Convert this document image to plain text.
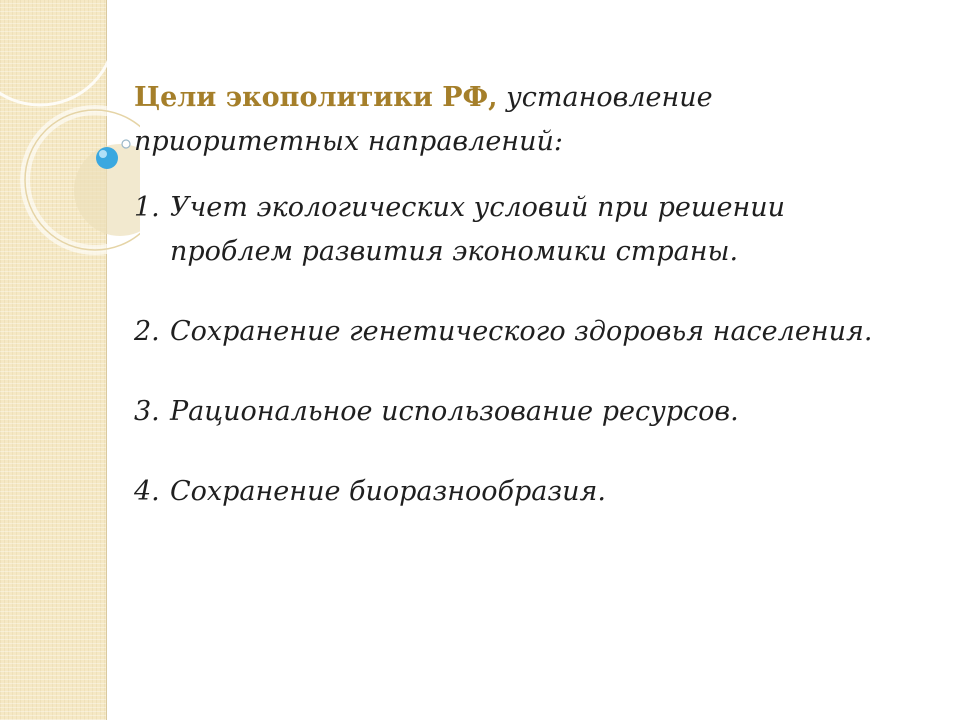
Цели экополитики РФ, установление приоритетных направлений:

1. Учет экологических условий при решении проблем развития экономики страны.
2. Сохранение генетического здоровья населения.
3. Рациональное использование ресурсов.
4. Сохранение биоразнообразия.
